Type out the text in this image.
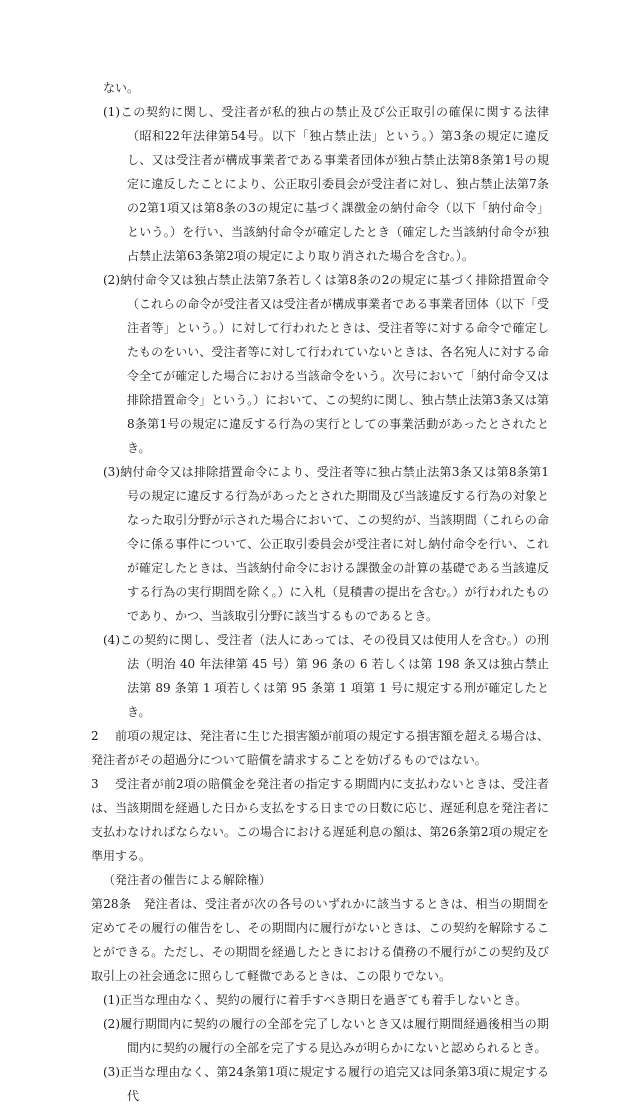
ない。

(1)この契約に関し、受注者が私的独占の禁止及び公正取引の確保に関する法律（昭和22年法律第54号。以下「独占禁止法」という。）第3条の規定に違反し、又は受注者が構成事業者である事業者団体が独占禁止法第8条第1号の規定に違反したことにより、公正取引委員会が受注者に対し、独占禁止法第7条の2第1項又は第8条の3の規定に基づく課徴金の納付命令（以下「納付命令」という。）を行い、当該納付命令が確定したとき（確定した当該納付命令が独占禁止法第63条第2項の規定により取り消された場合を含む。）。

(2)納付命令又は独占禁止法第7条若しくは第8条の2の規定に基づく排除措置命令（これらの命令が受注者又は受注者が構成事業者である事業者団体（以下「受注者等」という。）に対して行われたときは、受注者等に対する命令で確定したものをいい、受注者等に対して行われていないときは、各名宛人に対する命令全てが確定した場合における当該命令をいう。次号において「納付命令又は排除措置命令」という。）において、この契約に関し、独占禁止法第3条又は第8条第1号の規定に違反する行為の実行としての事業活動があったとされたとき。

(3)納付命令又は排除措置命令により、受注者等に独占禁止法第3条又は第8条第1号の規定に違反する行為があったとされた期間及び当該違反する行為の対象となった取引分野が示された場合において、この契約が、当該期間（これらの命令に係る事件について、公正取引委員会が受注者に対し納付命令を行い、これが確定したときは、当該納付命令における課徴金の計算の基礎である当該違反する行為の実行期間を除く。）に入札（見積書の提出を含む。）が行われたものであり、かつ、当該取引分野に該当するものであるとき。

(4)この契約に関し、受注者（法人にあっては、その役員又は使用人を含む。）の刑法（明治 40 年法律第 45 号）第 96 条の 6 若しくは第 198 条又は独占禁止法第 89 条第 1 項若しくは第 95 条第 1 項第 1 号に規定する刑が確定したとき。

2 前項の規定は、発注者に生じた損害額が前項の規定する損害額を超える場合は、発注者がその超過分について賠償を請求することを妨げるものではない。

3 受注者が前2項の賠償金を発注者の指定する期間内に支払わないときは、受注者は、当該期間を経過した日から支払をする日までの日数に応じ、遅延利息を発注者に支払わなければならない。この場合における遅延利息の額は、第26条第2項の規定を準用する。

（発注者の催告による解除権）

第28条　 発注者は、受注者が次の各号のいずれかに該当するときは、相当の期間を定めてその履行の催告をし、その期間内に履行がないときは、この契約を解除することができる。ただし、その期間を経過したときにおける債務の不履行がこの契約及び取引上の社会通念に照らして軽微であるときは、この限りでない。

(1)正当な理由なく、契約の履行に着手すべき期日を過ぎても着手しないとき。

(2)履行期間内に契約の履行の全部を完了しないとき又は履行期間経過後相当の期間内に契約の履行の全部を完了する見込みが明らかにないと認められるとき。

(3)正当な理由なく、第24条第1項に規定する履行の追完又は同条第3項に規定する代
